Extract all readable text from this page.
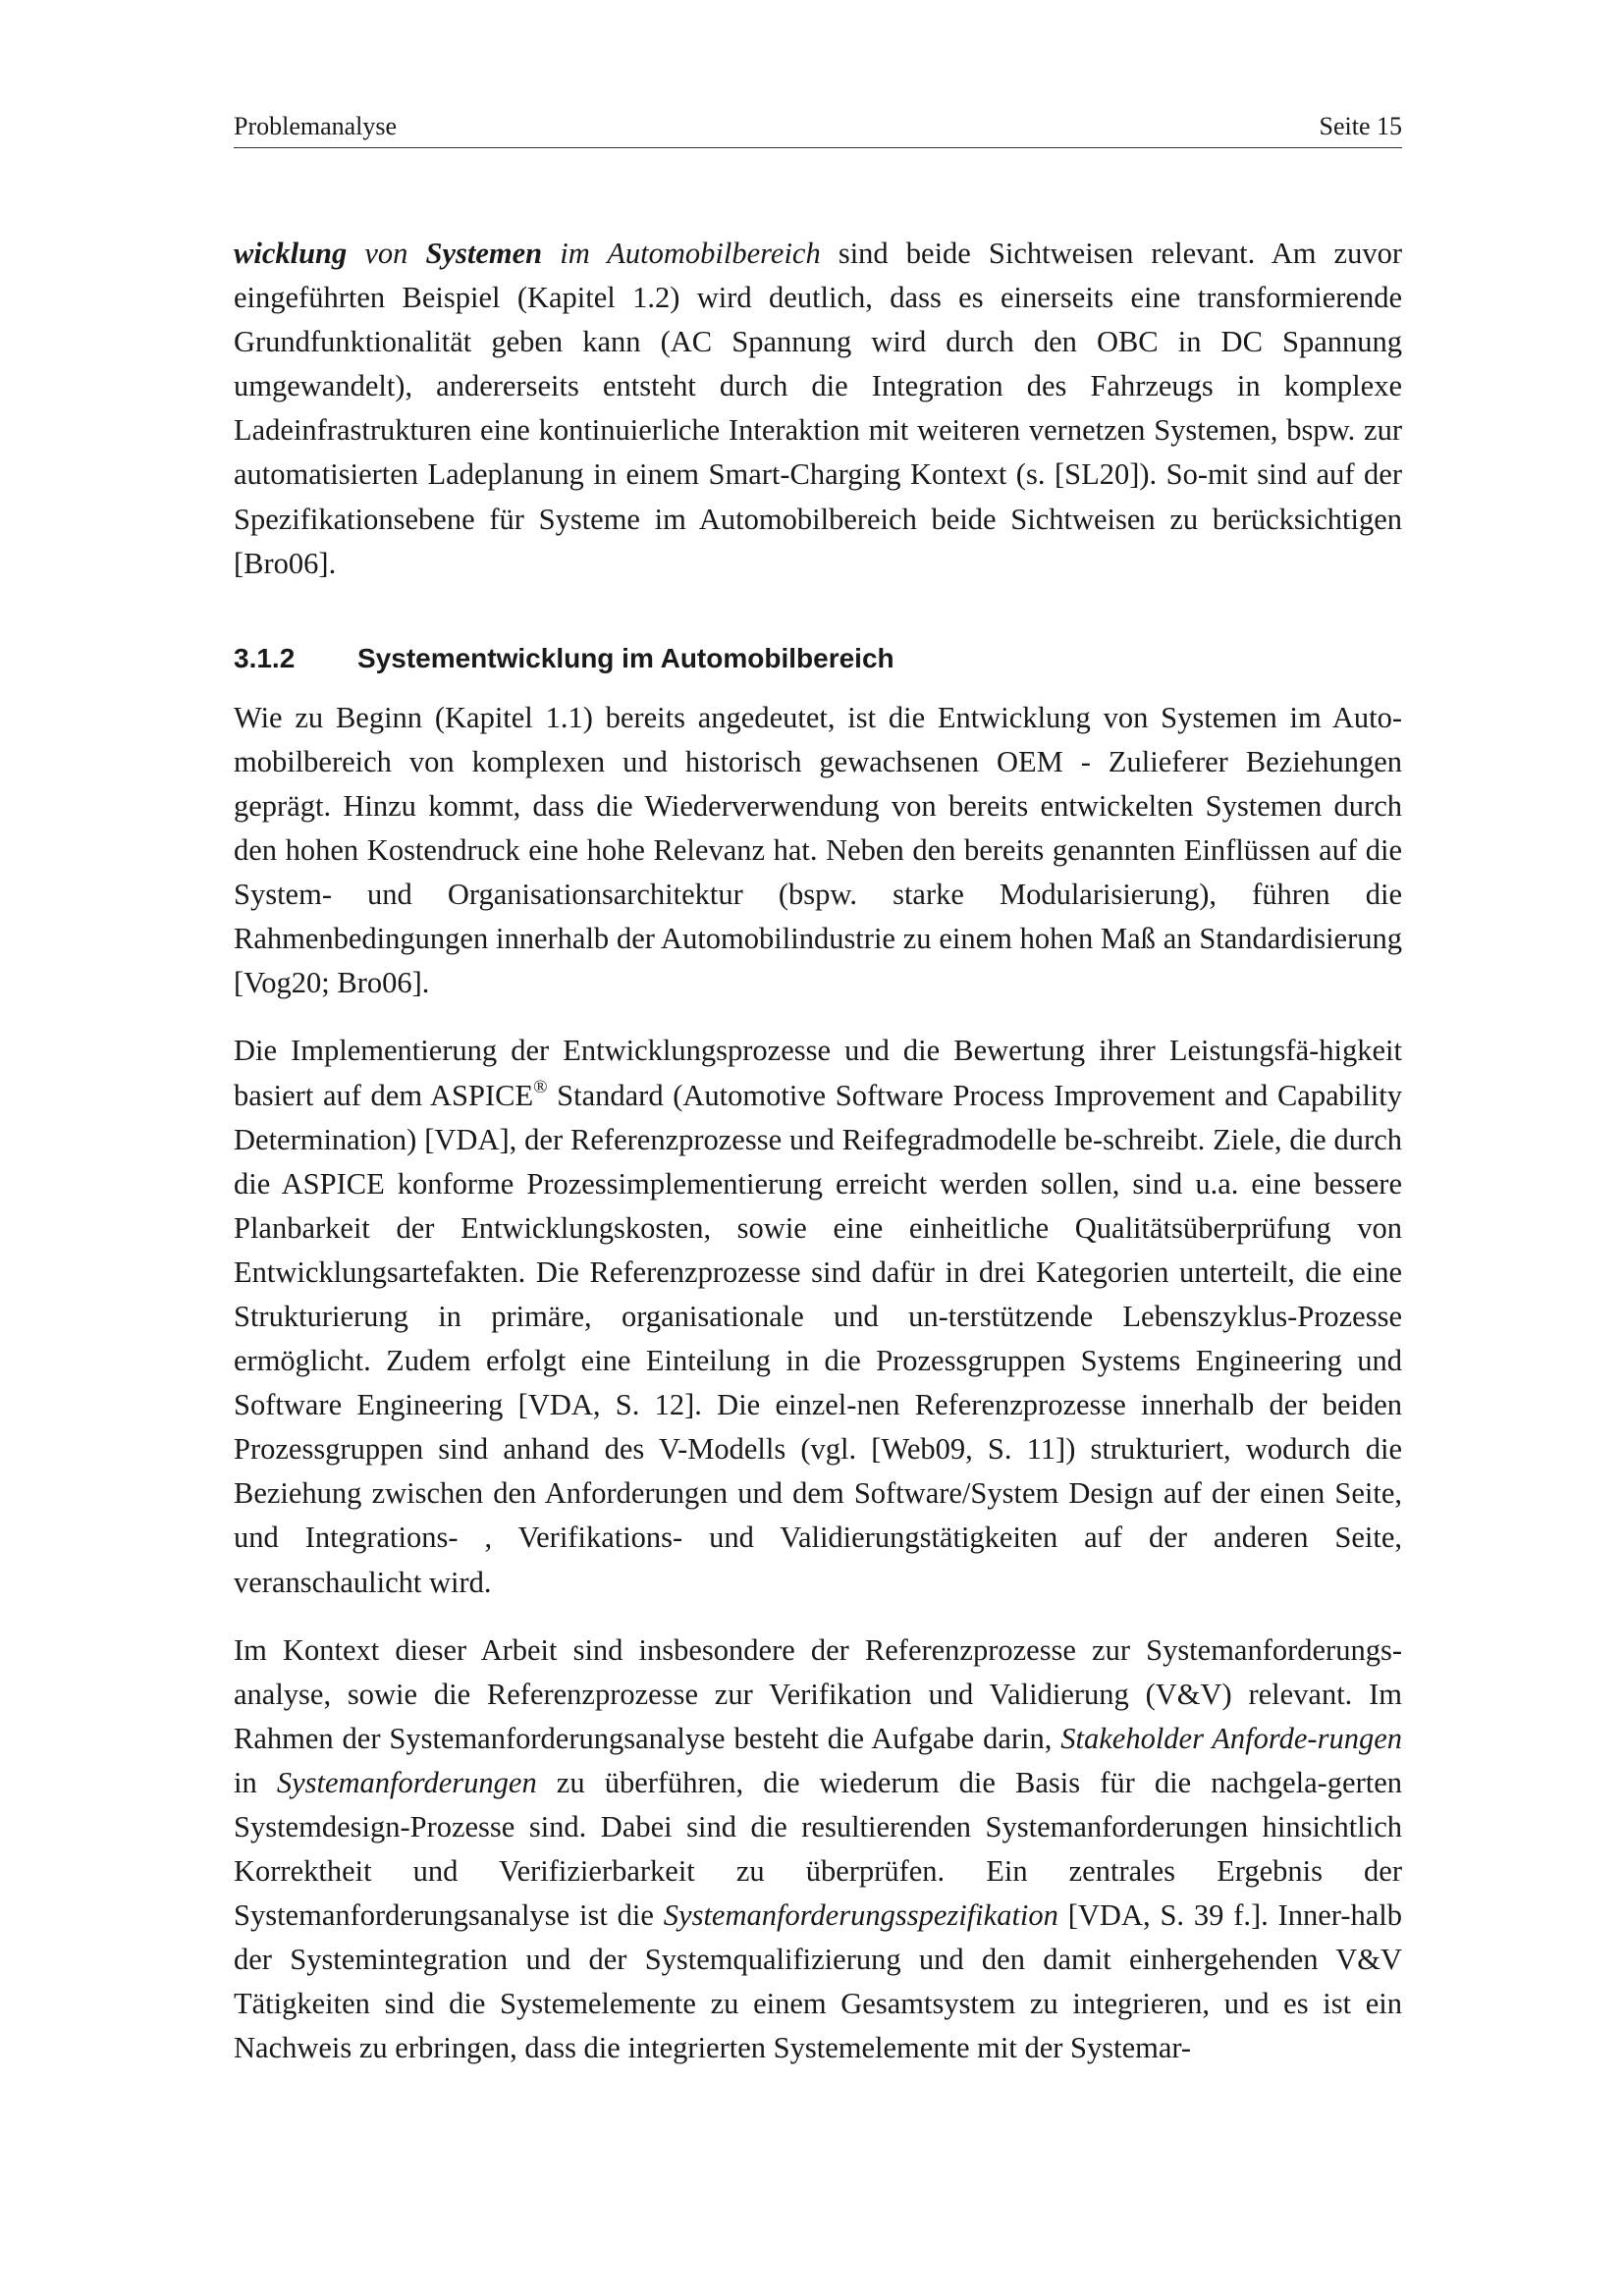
Problemanalyse	Seite 15

wicklung von Systemen im Automobilbereich sind beide Sichtweisen relevant. Am zuvor eingeführten Beispiel (Kapitel 1.2) wird deutlich, dass es einerseits eine transformierende Grundfunktionalität geben kann (AC Spannung wird durch den OBC in DC Spannung umgewandelt), andererseits entsteht durch die Integration des Fahrzeugs in komplexe Ladeinfrastrukturen eine kontinuierliche Interaktion mit weiteren vernetzen Systemen, bspw. zur automatisierten Ladeplanung in einem Smart-Charging Kontext (s. [SL20]). So-mit sind auf der Spezifikationsebene für Systeme im Automobilbereich beide Sichtweisen zu berücksichtigen [Bro06].

3.1.2 Systementwicklung im Automobilbereich

Wie zu Beginn (Kapitel 1.1) bereits angedeutet, ist die Entwicklung von Systemen im Auto-mobilbereich von komplexen und historisch gewachsenen OEM - Zulieferer Beziehungen geprägt. Hinzu kommt, dass die Wiederverwendung von bereits entwickelten Systemen durch den hohen Kostendruck eine hohe Relevanz hat. Neben den bereits genannten Einflüssen auf die System- und Organisationsarchitektur (bspw. starke Modularisierung), führen die Rahmenbedingungen innerhalb der Automobilindustrie zu einem hohen Maß an Standardisierung [Vog20; Bro06].

Die Implementierung der Entwicklungsprozesse und die Bewertung ihrer Leistungsfä-higkeit basiert auf dem ASPICE® Standard (Automotive Software Process Improvement and Capability Determination) [VDA], der Referenzprozesse und Reifegradmodelle be-schreibt. Ziele, die durch die ASPICE konforme Prozessimplementierung erreicht werden sollen, sind u.a. eine bessere Planbarkeit der Entwicklungskosten, sowie eine einheitliche Qualitätsüberprüfung von Entwicklungsartefakten. Die Referenzprozesse sind dafür in drei Kategorien unterteilt, die eine Strukturierung in primäre, organisationale und un-terstützende Lebenszyklus-Prozesse ermöglicht. Zudem erfolgt eine Einteilung in die Prozessgruppen Systems Engineering und Software Engineering [VDA, S. 12]. Die einzel-nen Referenzprozesse innerhalb der beiden Prozessgruppen sind anhand des V-Modells (vgl. [Web09, S. 11]) strukturiert, wodurch die Beziehung zwischen den Anforderungen und dem Software/System Design auf der einen Seite, und Integrations- , Verifikations- und Validierungstätigkeiten auf der anderen Seite, veranschaulicht wird.

Im Kontext dieser Arbeit sind insbesondere der Referenzprozesse zur Systemanforderungs-analyse, sowie die Referenzprozesse zur Verifikation und Validierung (V&V) relevant. Im Rahmen der Systemanforderungsanalyse besteht die Aufgabe darin, Stakeholder Anforde-rungen in Systemanforderungen zu überführen, die wiederum die Basis für die nachgela-gerten Systemdesign-Prozesse sind. Dabei sind die resultierenden Systemanforderungen hinsichtlich Korrektheit und Verifizierbarkeit zu überprüfen. Ein zentrales Ergebnis der Systemanforderungsanalyse ist die Systemanforderungsspezifikation [VDA, S. 39 f.]. Inner-halb der Systemintegration und der Systemqualifizierung und den damit einhergehenden V&V Tätigkeiten sind die Systemelemente zu einem Gesamtsystem zu integrieren, und es ist ein Nachweis zu erbringen, dass die integrierten Systemelemente mit der Systemar-
